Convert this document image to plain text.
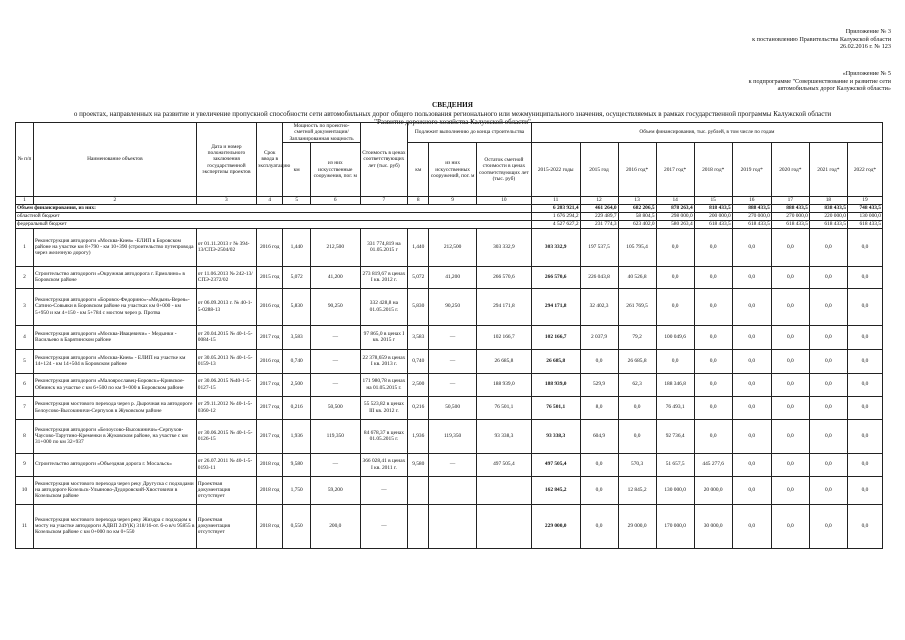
Приложение № 3
к постановлению Правительства Калужской области
26.02.2016 г. № 123
«Приложение № 5
к подпрограмме "Совершенствование и развитие сети
автомобильных дорог Калужской области»
СВЕДЕНИЯ
о проектах, направленных на развитие и увеличение пропускной способности сети автомобильных дорог общего пользования регионального или межмуниципального значения, осуществляемых в рамках государственной программы Калужской области
"Развитие дорожного хозяйства Калужской области"
№ п/п	Наименование объектов	Дата и номер положительного заключения государственной экспертизы проектов	Срок ввода в эксплуатацию	Мощность по проектно-сметной документации/ Запланированная мощность		Стоимость в ценах соответствующих лет (тыс. руб)	Подлежит выполнению до конца строительства			Объем финансирования, тыс. рублей, в том числе по годам								
				км	из них искусственные сооружения, пог. м		км	из них искусственных сооружений, пог. м	Остаток сметной стоимости в ценах соответствующих лет (тыс. руб)	2015-2022 годы	2015 год	2016 год*	2017 год*	2018 год*	2019 год*	2020 год*	2021 год*	2022 год*

1	2	3	4	5	6	7	8	9	10	11	12	13	14	15	16	17	18	19
Объем финансирования, из них:										6 203 921,4	461 264,0	682 206,5	878 263,4	818 433,5	888 433,5	888 433,5	838 433,5	748 433,5
областной бюджет										1 676 294,2	229 489,7	58 804,5	298 000,0	200 000,0	270 000,0	270 000,0	220 000,0	130 000,0
федеральный бюджет										4 527 627,2	231 774,3	623 402,0	580 263,4	618 433,5	618 433,5	618 433,5	618 433,5	618 433,5
1	Реконструкция автодороги «Москва-Киев» -ЕЛИП в Боровском районе на участке км 8+790 - км 10+390 (строительство путепровода через железную дорогу)	от 01.11.2013 г № 394-13/СПЭ-2504/02	2016 год	1,440	212,500	331 774,819 на 01.05.2015 г	1,440	212,500	303 332,9	303 332,9	197 537,5	105 795,4	0,0	0,0	0,0	0,0	0,0	0,0
2	Строительство автодороги «Окружная автодорога г. Ермолино» в Боровском районе	от 11.06.2013 № 242-13/СПЭ-2372/02	2015 год	5,072	41,200	273 819,67 в ценах I кв. 2012 г.	5,072	41,200	266 570,6	266 570,6	226 043,8	40 526,8	0,0	0,0	0,0	0,0	0,0	0,0
3	Реконструкция автодороги «Боровск-Федорино»-«Медынь-Верея»-Сатино-Совьяки в Боровском районе на участках км 0+000 - км 5+950 и км 4+150 - км 5+784 с мостом через р. Протва	от 06.09.2013 г. № 40-1-5-0288-13	2016 год	5,830	90,250	332 428,8 на 01.05.2015 г.	5,830	90,250	294 171,8	294 171,8	32 402,3	261 769,5	0,0	0,0	0,0	0,0	0,0	0,0
4	Реконструкция автодороги «Москва-Ивацевичи» - Медынки - Васильево в Барятинском районе	от 20.04.2015 № 40-1-5-0084-15	2017 год	3,583	—	97 865,0 в ценах I кв. 2015 г	3,583	—	102 166,7	102 166,7	2 037,9	79,2	100 049,6	0,0	0,0	0,0	0,0	0,0
5	Реконструкция автодороги «Москва-Киев» - ЕЛИП на участке км 14+124 - км 14+504 в Боровском районе	от 30.05.2013 № 40-1-5-0159-13	2016 год	0,740	—	22 378,659 в ценах I кв. 2013 г.	0,740	—	26 685,8	26 685,8	0,0	26 685,8	0,0	0,0	0,0	0,0	0,0	0,0
6	Реконструкция автодороги «Малоярославец-Боровск»-Кривское-Обнинск на участке с км 6+500 по км 9+000 в Боровском районе	от 30.06.2015 №40-1-5-0127-15	2017 год	2,500	—	171 980,78 в ценах на 01.05.2015 г.	2,500	—	188 939,0	188 939,0	529,9	62,3	188 346,8	0,0	0,0	0,0	0,0	0,0
7	Реконструкция мостового перехода через р. Дырочная на автодороге Белоусово-Высокиничи-Серпухов в Жуковском районе	от 29.11.2012 № 40-1-5-0360-12	2017 год	0,216	50,500	55 523,82 в ценах III кв. 2012 г.	0,216	50,500	76 501,1	76 501,1	8,0	0,0	76 493,1	0,0	0,0	0,0	0,0	0,0
8	Реконструкция автодороги «Белоусово-Высокиничи»-Серпухов-Чаусово-Тарутино-Кременки в Жуковском районе, на участке с км 31+000 по км 32+937	от 30.06.2015 № 40-1-5-0126-15	2017 год	1,936	119,350	84 678,37 в ценах 01.05.2015 г.	1,936	119,350	93 338,3	93 338,3	604,9	0,0	92 736,4	0,0	0,0	0,0	0,0	0,0
9	Строительство автодороги «Объездная дорога г. Мосальск»	от 26.07.2011 № 40-1-5-0193-11	2018 год	9,580	—	366 028,41 в ценах I кв. 2011 г.	9,580	—	497 505,4	497 505,4	0,0	570,3	51 657,5	445 277,6	0,0	0,0	0,0	0,0
10	Реконструкция мостового перехода через реку Другуска с подходами на автодороге Козельск-Ульяново-Дудоровский-Хвостовичи в Козельском районе	Проектная документация отсутствует	2018 год	1,750	59,200	—				162 845,2	0,0	12 845,2	130 000,0	20 000,0	0,0	0,0	0,0	0,0
11	Реконструкция мостового перехода через реку Жиздра с подходом к мосту на участке автодороги АДВП 24У(К) 318/16-от. б-о в/ч 95855 в Козельском районе с км 0+000 по км 0+550	Проектная документация отсутствует	2018 год	0,550	200,0	—				229 000,0	0,0	29 000,0	170 000,0	30 000,0	0,0	0,0	0,0	0,0
